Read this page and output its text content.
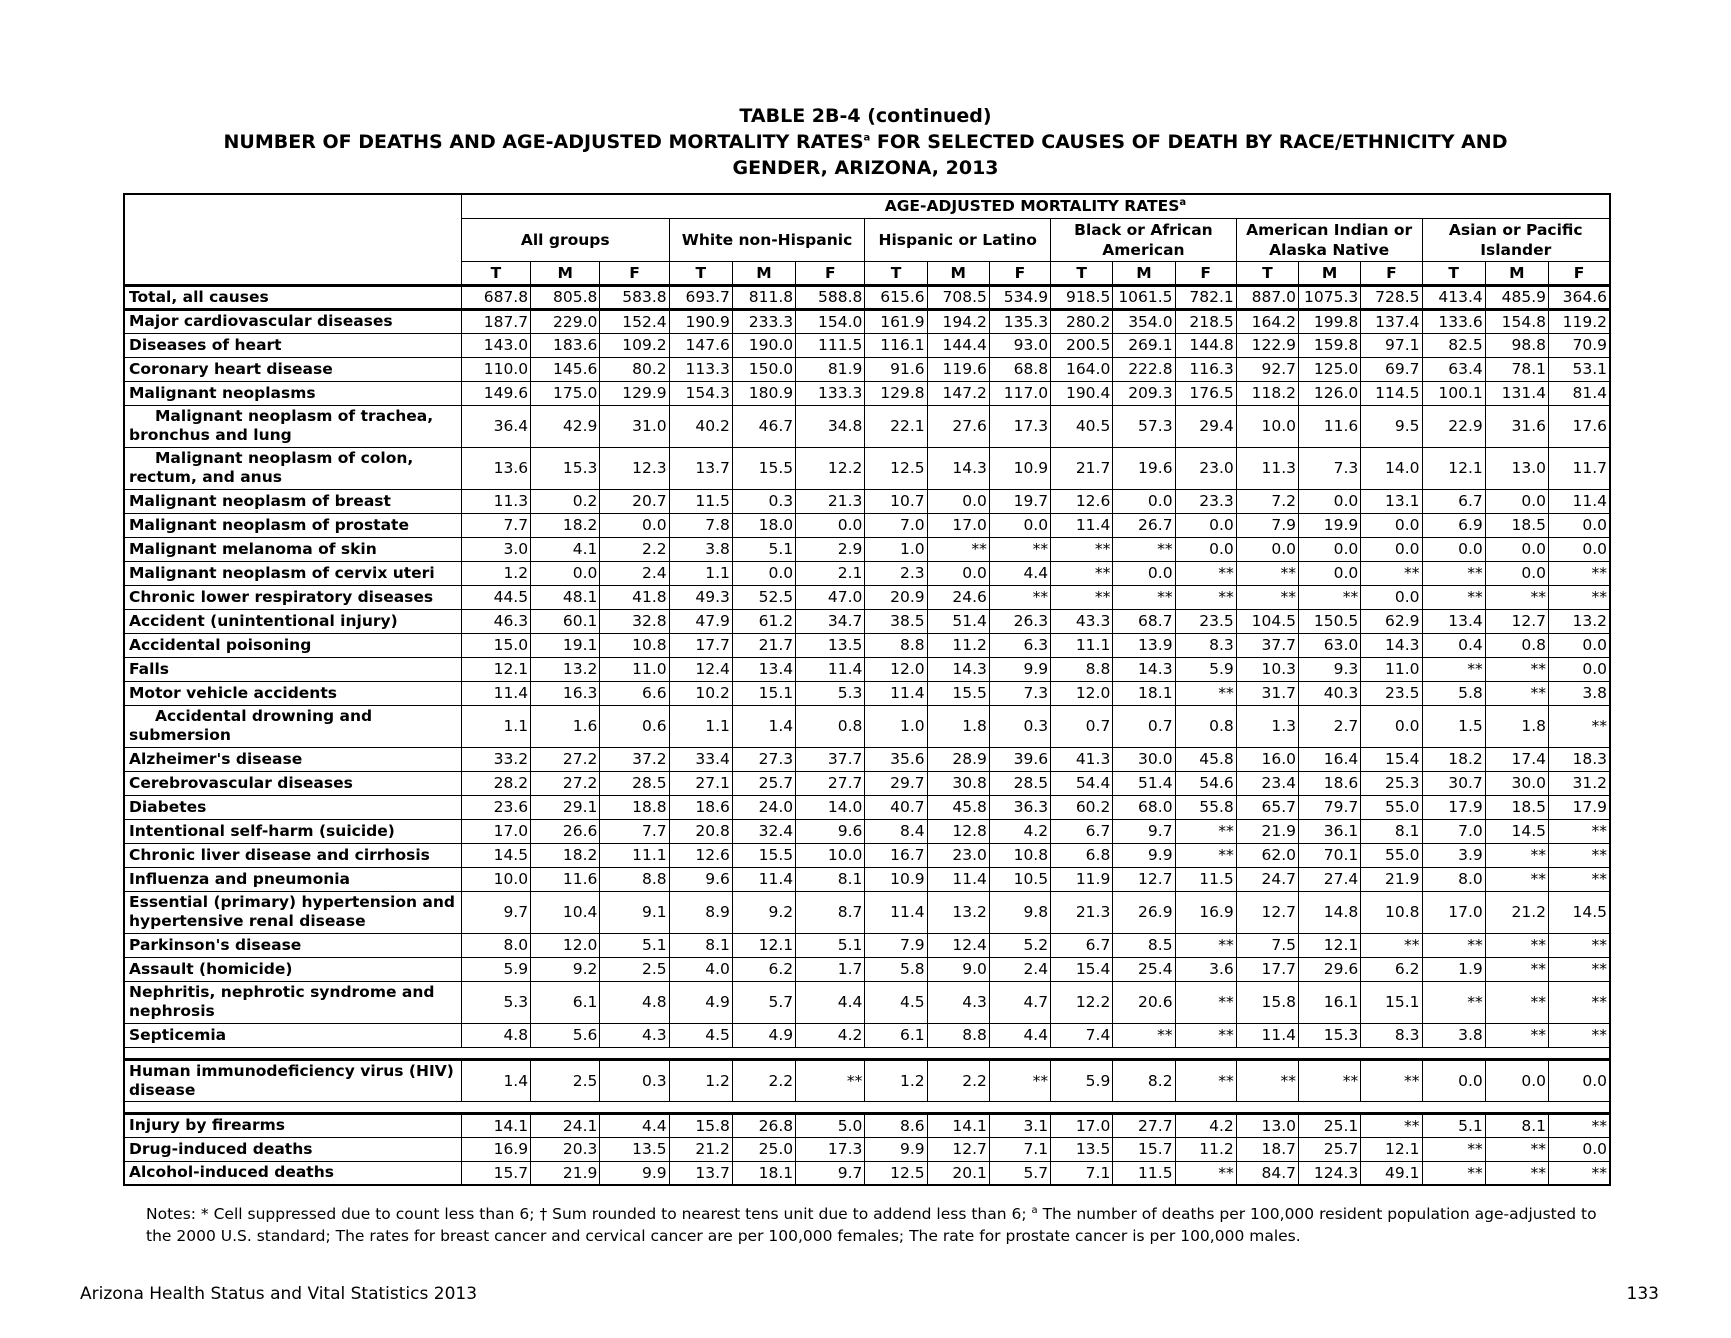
TABLE 2B-4 (continued)
NUMBER OF DEATHS AND AGE-ADJUSTED MORTALITY RATES$^a$ FOR SELECTED CAUSES OF DEATH BY RACE/ETHNICITY AND
GENDER, ARIZONA, 2013
	AGE-ADJUSTED MORTALITY RATES$^a$
	All groups			White non-Hispanic			Hispanic or Latino			Black or African American			American Indian or Alaska Native			Asian or Pacific Islander		
	T	M	F	T	M	F	T	M	F	T	M	F	T	M	F	T	M	F
Total, all causes	687.8	805.8	583.8	693.7	811.8	588.8	615.6	708.5	534.9	918.5	1061.5	782.1	887.0	1075.3	728.5	413.4	485.9	364.6
Major cardiovascular diseases	187.7	229.0	152.4	190.9	233.3	154.0	161.9	194.2	135.3	280.2	354.0	218.5	164.2	199.8	137.4	133.6	154.8	119.2
Diseases of heart	143.0	183.6	109.2	147.6	190.0	111.5	116.1	144.4	93.0	200.5	269.1	144.8	122.9	159.8	97.1	82.5	98.8	70.9
Coronary heart disease	110.0	145.6	80.2	113.3	150.0	81.9	91.6	119.6	68.8	164.0	222.8	116.3	92.7	125.0	69.7	63.4	78.1	53.1
Malignant neoplasms	149.6	175.0	129.9	154.3	180.9	133.3	129.8	147.2	117.0	190.4	209.3	176.5	118.2	126.0	114.5	100.1	131.4	81.4
Malignant neoplasm of trachea, bronchus and lung	36.4	42.9	31.0	40.2	46.7	34.8	22.1	27.6	17.3	40.5	57.3	29.4	10.0	11.6	9.5	22.9	31.6	17.6
Malignant neoplasm of colon, rectum, and anus	13.6	15.3	12.3	13.7	15.5	12.2	12.5	14.3	10.9	21.7	19.6	23.0	11.3	7.3	14.0	12.1	13.0	11.7
Malignant neoplasm of breast	11.3	0.2	20.7	11.5	0.3	21.3	10.7	0.0	19.7	12.6	0.0	23.3	7.2	0.0	13.1	6.7	0.0	11.4
Malignant neoplasm of prostate	7.7	18.2	0.0	7.8	18.0	0.0	7.0	17.0	0.0	11.4	26.7	0.0	7.9	19.9	0.0	6.9	18.5	0.0
Malignant melanoma of skin	3.0	4.1	2.2	3.8	5.1	2.9	1.0	**	**	**	**	0.0	0.0	0.0	0.0	0.0	0.0	0.0
Malignant neoplasm of cervix uteri	1.2	0.0	2.4	1.1	0.0	2.1	2.3	0.0	4.4	**	0.0	**	**	0.0	**	**	0.0	**
Chronic lower respiratory diseases	44.5	48.1	41.8	49.3	52.5	47.0	20.9	24.6	**	**	**	**	**	**	0.0	**	**	**
Accident (unintentional injury)	46.3	60.1	32.8	47.9	61.2	34.7	38.5	51.4	26.3	43.3	68.7	23.5	104.5	150.5	62.9	13.4	12.7	13.2
Accidental poisoning	15.0	19.1	10.8	17.7	21.7	13.5	8.8	11.2	6.3	11.1	13.9	8.3	37.7	63.0	14.3	0.4	0.8	0.0
Falls	12.1	13.2	11.0	12.4	13.4	11.4	12.0	14.3	9.9	8.8	14.3	5.9	10.3	9.3	11.0	**	**	0.0
Motor vehicle accidents	11.4	16.3	6.6	10.2	15.1	5.3	11.4	15.5	7.3	12.0	18.1	**	31.7	40.3	23.5	5.8	**	3.8
Accidental drowning and submersion	1.1	1.6	0.6	1.1	1.4	0.8	1.0	1.8	0.3	0.7	0.7	0.8	1.3	2.7	0.0	1.5	1.8	**
Alzheimer's disease	33.2	27.2	37.2	33.4	27.3	37.7	35.6	28.9	39.6	41.3	30.0	45.8	16.0	16.4	15.4	18.2	17.4	18.3
Cerebrovascular diseases	28.2	27.2	28.5	27.1	25.7	27.7	29.7	30.8	28.5	54.4	51.4	54.6	23.4	18.6	25.3	30.7	30.0	31.2
Diabetes	23.6	29.1	18.8	18.6	24.0	14.0	40.7	45.8	36.3	60.2	68.0	55.8	65.7	79.7	55.0	17.9	18.5	17.9
Intentional self-harm (suicide)	17.0	26.6	7.7	20.8	32.4	9.6	8.4	12.8	4.2	6.7	9.7	**	21.9	36.1	8.1	7.0	14.5	**
Chronic liver disease and cirrhosis	14.5	18.2	11.1	12.6	15.5	10.0	16.7	23.0	10.8	6.8	9.9	**	62.0	70.1	55.0	3.9	**	**
Influenza and pneumonia	10.0	11.6	8.8	9.6	11.4	8.1	10.9	11.4	10.5	11.9	12.7	11.5	24.7	27.4	21.9	8.0	**	**
Essential (primary) hypertension and hypertensive renal disease	9.7	10.4	9.1	8.9	9.2	8.7	11.4	13.2	9.8	21.3	26.9	16.9	12.7	14.8	10.8	17.0	21.2	14.5
Parkinson's disease	8.0	12.0	5.1	8.1	12.1	5.1	7.9	12.4	5.2	6.7	8.5	**	7.5	12.1	**	**	**	**
Assault (homicide)	5.9	9.2	2.5	4.0	6.2	1.7	5.8	9.0	2.4	15.4	25.4	3.6	17.7	29.6	6.2	1.9	**	**
Nephritis, nephrotic syndrome and nephrosis	5.3	6.1	4.8	4.9	5.7	4.4	4.5	4.3	4.7	12.2	20.6	**	15.8	16.1	15.1	**	**	**
Septicemia	4.8	5.6	4.3	4.5	4.9	4.2	6.1	8.8	4.4	7.4	**	**	11.4	15.3	8.3	3.8	**	**

Human immunodeficiency virus (HIV) disease	1.4	2.5	0.3	1.2	2.2	**	1.2	2.2	**	5.9	8.2	**	**	**	**	0.0	0.0	0.0

Injury by firearms	14.1	24.1	4.4	15.8	26.8	5.0	8.6	14.1	3.1	17.0	27.7	4.2	13.0	25.1	**	5.1	8.1	**
Drug-induced deaths	16.9	20.3	13.5	21.2	25.0	17.3	9.9	12.7	7.1	13.5	15.7	11.2	18.7	25.7	12.1	**	**	0.0
Alcohol-induced deaths	15.7	21.9	9.9	13.7	18.1	9.7	12.5	20.1	5.7	7.1	11.5	**	84.7	124.3	49.1	**	**	**
Notes: * Cell suppressed due to count less than 6; † Sum rounded to nearest tens unit due to addend less than 6; $^a$ The number of deaths per 100,000 resident population age-adjusted to the 2000 U.S. standard; The rates for breast cancer and cervical cancer are per 100,000 females; The rate for prostate cancer is per 100,000 males.
Arizona Health Status and Vital Statistics 2013	133
